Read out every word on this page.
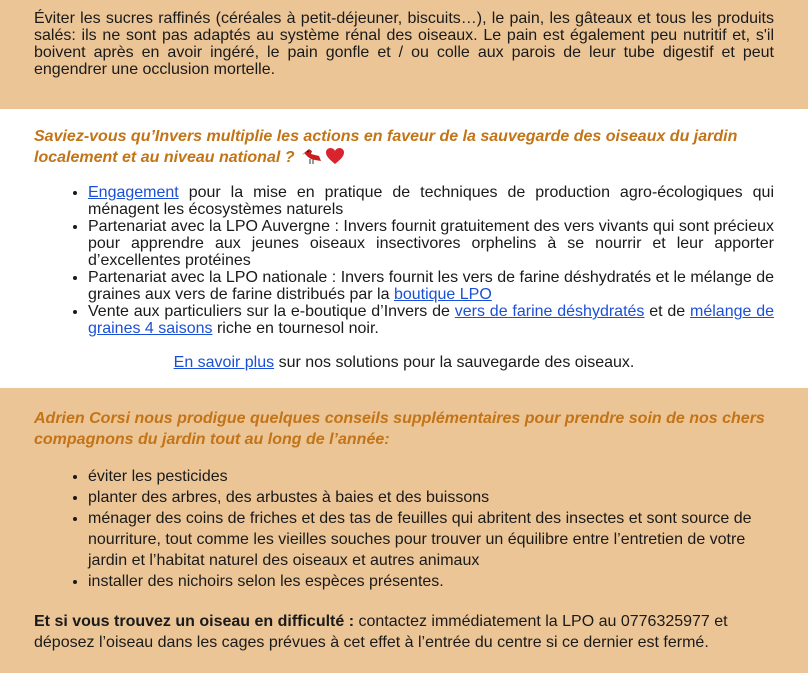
Éviter les sucres raffinés (céréales à petit-déjeuner, biscuits…), le pain, les gâteaux et tous les produits salés: ils ne sont pas adaptés au système rénal des oiseaux. Le pain est également peu nutritif et, s'il boivent après en avoir ingéré, le pain gonfle et / ou colle aux parois de leur tube digestif et peut engendrer une occlusion mortelle.

Saviez-vous qu’Invers multiplie les actions en faveur de la sauvegarde des oiseaux du jardin localement et au niveau national ?

• Engagement pour la mise en pratique de techniques de production agro-écologiques qui ménagent les écosystèmes naturels
• Partenariat avec la LPO Auvergne : Invers fournit gratuitement des vers vivants qui sont précieux pour apprendre aux jeunes oiseaux insectivores orphelins à se nourrir et leur apporter d’excellentes protéines
• Partenariat avec la LPO nationale : Invers fournit les vers de farine déshydratés et le mélange de graines aux vers de farine distribués par la boutique LPO
• Vente aux particuliers sur la e-boutique d’Invers de vers de farine déshydratés et de mélange de graines 4 saisons riche en tournesol noir.

En savoir plus sur nos solutions pour la sauvegarde des oiseaux.

Adrien Corsi nous prodigue quelques conseils supplémentaires pour prendre soin de nos chers compagnons du jardin tout au long de l’année:

• éviter les pesticides
• planter des arbres, des arbustes à baies et des buissons
• ménager des coins de friches et des tas de feuilles qui abritent des insectes et sont source de nourriture, tout comme les vieilles souches pour trouver un équilibre entre l’entretien de votre jardin et l’habitat naturel des oiseaux et autres animaux
• installer des nichoirs selon les espèces présentes.

Et si vous trouvez un oiseau en difficulté : contactez immédiatement la LPO au 0776325977 et déposez l’oiseau dans les cages prévues à cet effet à l’entrée du centre si ce dernier est fermé.
